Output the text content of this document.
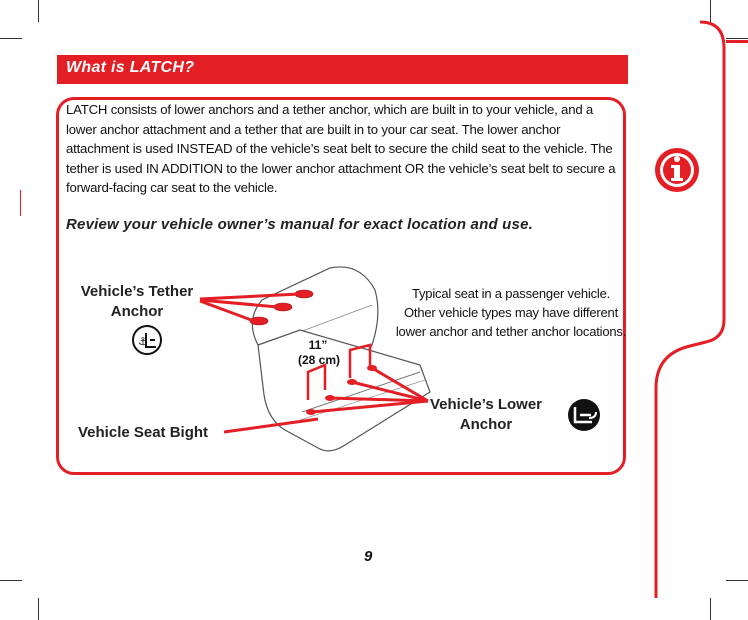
What is LATCH?
LATCH consists of lower anchors and a tether anchor, which are built in to your vehicle, and a lower anchor attachment and a tether that are built in to your car seat. The lower anchor attachment is used INSTEAD of the vehicle’s seat belt to secure the child seat to the vehicle. The tether is used IN ADDITION to the lower anchor attachment OR the vehicle’s seat belt to secure a forward-facing car seat to the vehicle.
Review your vehicle owner’s manual for exact location and use.
⚓
Vehicle’s Tether Anchor
Vehicle Seat Bight
Vehicle’s Lower Anchor
Typical seat in a passenger vehicle. Other vehicle types may have different lower anchor and tether anchor locations.
11”
(28 cm)
9
